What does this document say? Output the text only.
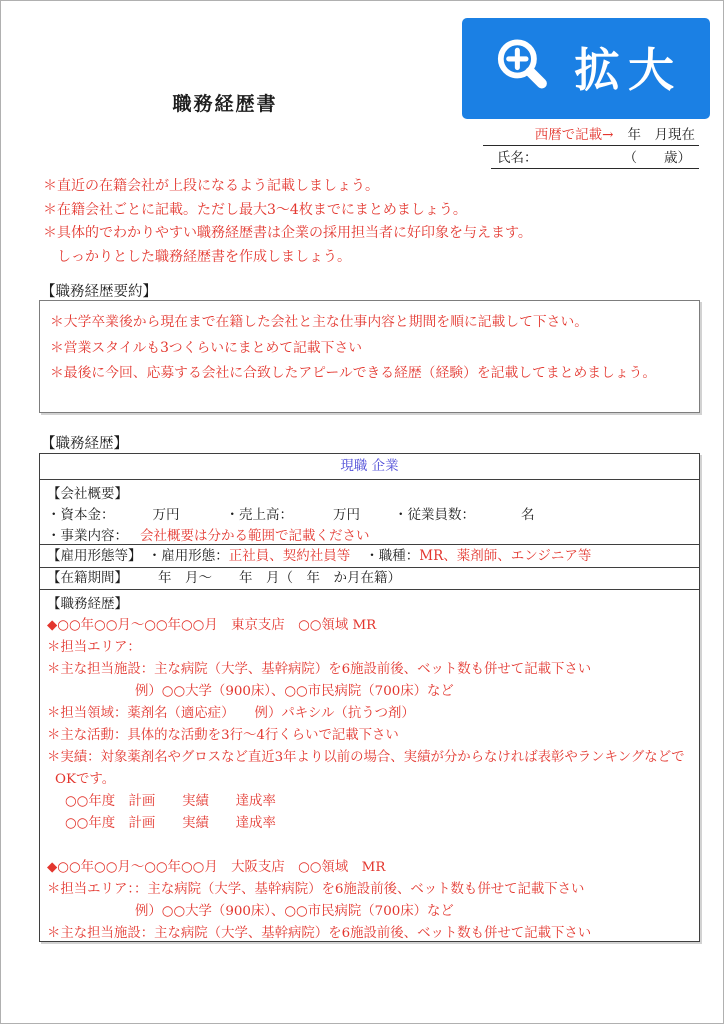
拡大
職務経歴書
西暦で記載→ 年　月現在
氏名：	（　　歳）
＊直近の在籍会社が上段になるよう記載しましょう。
＊在籍会社ごとに記載。ただし最大3～4枚までにまとめましょう。
＊具体的でわかりやすい職務経歴書は企業の採用担当者に好印象を与えます。
しっかりとした職務経歴書を作成しましょう。
【職務経歴要約】
＊大学卒業後から現在まで在籍した会社と主な仕事内容と期間を順に記載して下さい。
＊営業スタイルも3つくらいにまとめて記載下さい
＊最後に今回、応募する会社に合致したアピールできる経歴（経験）を記載してまとめましょう。
【職務経歴】
現職 企業
【会社概要】
・資本金：	万円	・売上高：	万円	・従業員数：	名
・事業内容： 会社概要は分かる範囲で記載ください
【雇用形態等】 ・雇用形態：正社員、契約社員等 ・職種：MR、薬剤師、エンジニア等
【在籍期間】 年　月～　　年　月（　年　か月在籍）
【職務経歴】
◆○○年○○月～○○年○○月　東京支店　○○領域 MR
＊担当エリア：
＊主な担当施設：主な病院（大学、基幹病院）を6施設前後、ベット数も併せて記載下さい
例）○○大学（900床）、○○市民病院（700床）など
＊担当領域：薬剤名（適応症）　　例）パキシル（抗うつ剤）
＊主な活動：具体的な活動を3行～4行くらいで記載下さい
＊実績：対象薬剤名やグロスなど直近3年より以前の場合、実績が分からなければ表彰やランキングなどでOKです。
○○年度　計画　　実績　　達成率
○○年度　計画　　実績　　達成率
◆○○年○○月～○○年○○月　大阪支店　○○領域　MR
＊担当エリア：：主な病院（大学、基幹病院）を6施設前後、ベット数も併せて記載下さい
例）○○大学（900床）、○○市民病院（700床）など
＊主な担当施設：主な病院（大学、基幹病院）を6施設前後、ベット数も併せて記載下さい
